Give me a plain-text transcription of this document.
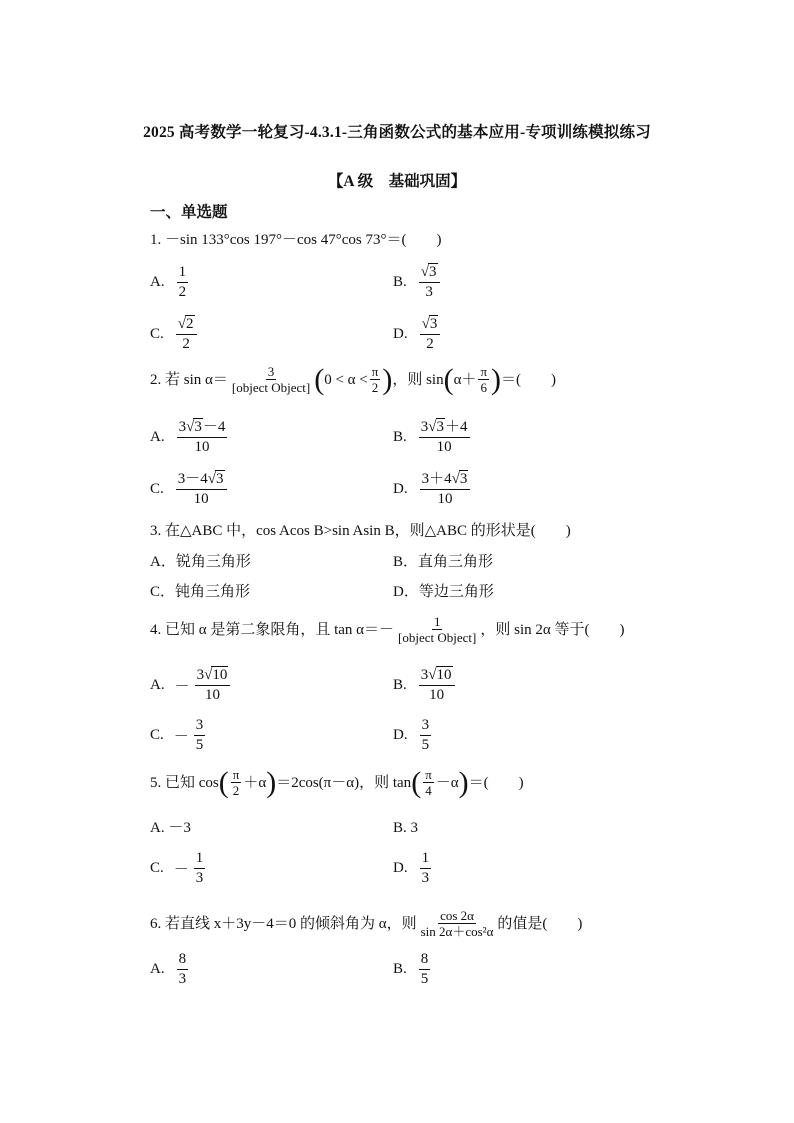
2025 高考数学一轮复习-4.3.1-三角函数公式的基本应用-专项训练模拟练习
【A 级　基础巩固】
一、单选题
1. －sin 133°cos 197°－cos 47°cos 73°＝(　　)
A. $\frac{1}{2}$	B. $\frac{√3}{3}$
C. $\frac{√2}{2}$	D. $\frac{√3}{2}$
2. 若 $\sin \alpha= \frac{3}{\text{[object Object]}}$ ( $0 < \alpha < \frac{\pi}{2}$ ) ，则 sin ( $\alpha+ \frac{\pi}{6}$ ) ＝(　　)
A. $\frac{3√3-4}{10}$	B. $\frac{3√3+4}{10}$
C. $\frac{3-4√3}{10}$	D. $\frac{3+4√3}{10}$
3. 在△ABC 中，cos Acos B>sin Asin B，则△ABC 的形状是(　　)
A．锐角三角形	B．直角三角形
C．钝角三角形	D．等边三角形
4. 已知 α 是第二象限角，且 $\tan \alpha=- \frac{1}{\text{[object Object]}}$ ，则 sin 2α 等于(　　)
A. － $\frac{3√10}{10}$	B. $\frac{3√10}{10}$
C. － $\frac{3}{5}$	D. $\frac{3}{5}$
5. 已知 cos ( $\frac{\pi}{2} +\alpha$ ) ＝2cos(π－α)，则 tan ( $\frac{\pi}{4} -\alpha$ ) ＝(　　)
A. －3	B. 3
C. － $\frac{1}{3}$	D. $\frac{1}{3}$
6. 若直线 x＋3y－4＝0 的倾斜角为 α，则 $\frac{\cos 2\alpha}{\text{sin 2α＋cos²α}}$ 的值是(　　)
A. $\frac{8}{3}$	B. $\frac{8}{5}$
